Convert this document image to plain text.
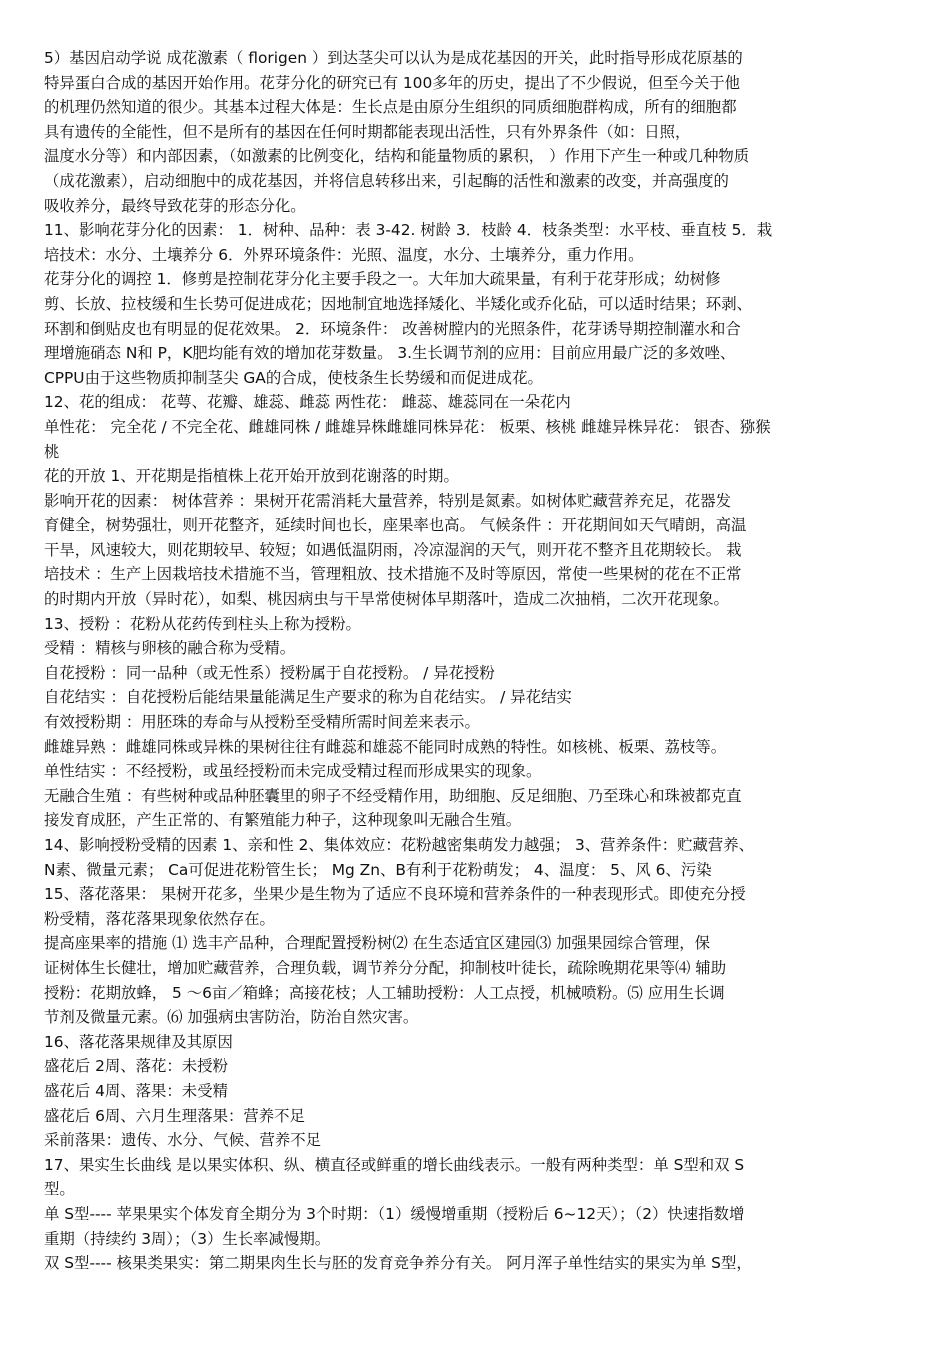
5）基因启动学说 成花激素（ florigen ）到达茎尖可以认为是成花基因的开关，此时指导形成花原基的
特异蛋白合成的基因开始作用。花芽分化的研究已有 100多年的历史，提出了不少假说，但至今关于他
的机理仍然知道的很少。其基本过程大体是：生长点是由原分生组织的同质细胞群构成，所有的细胞都
具有遗传的全能性，但不是所有的基因在任何时期都能表现出活性，只有外界条件（如：日照，
温度水分等）和内部因素，（如激素的比例变化，结构和能量物质的累积， ）作用下产生一种或几种物质
（成花激素），启动细胞中的成花基因，并将信息转移出来，引起酶的活性和激素的改变，并高强度的
吸收养分，最终导致花芽的形态分化。
11、影响花芽分化的因素： 1．树种、品种：表 3-42. 树龄 3．枝龄 4．枝条类型：水平枝、垂直枝 5．栽
培技术：水分、土壤养分 6．外界环境条件：光照、温度，水分、土壤养分，重力作用。
花芽分化的调控 1．修剪是控制花芽分化主要手段之一。大年加大疏果量，有利于花芽形成；幼树修
剪、长放、拉枝缓和生长势可促进成花；因地制宜地选择矮化、半矮化或乔化砧，可以适时结果；环剥、
环割和倒贴皮也有明显的促花效果。 2．环境条件： 改善树膛内的光照条件，花芽诱导期控制灌水和合
理增施硝态 N和 P，K肥均能有效的增加花芽数量。 3.生长调节剂的应用：目前应用最广泛的多效唑、
CPPU由于这些物质抑制茎尖 GA的合成，使枝条生长势缓和而促进成花。
12、花的组成： 花萼、花瓣、雄蕊、雌蕊 两性花： 雌蕊、雄蕊同在一朵花内
单性花： 完全花 / 不完全花、雌雄同株 / 雌雄异株雌雄同株异花： 板栗、核桃 雌雄异株异花： 银杏、猕猴
桃
花的开放 1、开花期是指植株上花开始开放到花谢落的时期。
影响开花的因素： 树体营养 ：果树开花需消耗大量营养，特别是氮素。如树体贮藏营养充足，花器发
育健全，树势强壮，则开花整齐，延续时间也长，座果率也高。 气候条件 ：开花期间如天气晴朗，高温
干旱，风速较大，则花期较早、较短；如遇低温阴雨，冷凉湿润的天气，则开花不整齐且花期较长。 栽
培技术 ：生产上因栽培技术措施不当，管理粗放、技术措施不及时等原因，常使一些果树的花在不正常
的时期内开放（异时花），如梨、桃因病虫与干旱常使树体早期落叶，造成二次抽梢，二次开花现象。
13、授粉 ：花粉从花药传到柱头上称为授粉。
受精 ：精核与卵核的融合称为受精。
自花授粉 ：同一品种（或无性系）授粉属于自花授粉。 / 异花授粉
自花结实 ：自花授粉后能结果量能满足生产要求的称为自花结实。 / 异花结实
有效授粉期 ：用胚珠的寿命与从授粉至受精所需时间差来表示。
雌雄异熟 ：雌雄同株或异株的果树往往有雌蕊和雄蕊不能同时成熟的特性。如核桃、板栗、荔枝等。
单性结实 ：不经授粉，或虽经授粉而未完成受精过程而形成果实的现象。
无融合生殖 ：有些树种或品种胚囊里的卵子不经受精作用，助细胞、反足细胞、乃至珠心和珠被都克直
接发育成胚，产生正常的、有繁殖能力种子，这种现象叫无融合生殖。
14、影响授粉受精的因素 1、亲和性 2、集体效应：花粉越密集萌发力越强； 3、营养条件：贮藏营养、
N素、微量元素； Ca可促进花粉管生长； Mg Zn、B有利于花粉萌发； 4、温度： 5、风 6、污染
15、落花落果： 果树开花多，坐果少是生物为了适应不良环境和营养条件的一种表现形式。即使充分授
粉受精，落花落果现象依然存在。
提高座果率的措施 ⑴ 选丰产品种，合理配置授粉树⑵ 在生态适宜区建园⑶ 加强果园综合管理，保
证树体生长健壮，增加贮藏营养，合理负载，调节养分分配，抑制枝叶徒长，疏除晚期花果等⑷ 辅助
授粉：花期放蜂， 5 ～6亩／箱蜂；高接花枝；人工辅助授粉：人工点授，机械喷粉。⑸ 应用生长调
节剂及微量元素。⑹ 加强病虫害防治，防治自然灾害。
16、落花落果规律及其原因
盛花后 2周、落花：未授粉
盛花后 4周、落果：未受精
盛花后 6周、六月生理落果：营养不足
采前落果：遗传、水分、气候、营养不足
17、果实生长曲线 是以果实体积、纵、横直径或鲜重的增长曲线表示。一般有两种类型：单 S型和双 S
型。
单 S型---- 苹果果实个体发育全期分为 3个时期：（1）缓慢增重期（授粉后 6~12天）；（2）快速指数增
重期（持续约 3周）；（3）生长率减慢期。
双 S型---- 核果类果实：第二期果肉生长与胚的发育竞争养分有关。 阿月浑子单性结实的果实为单 S型，
